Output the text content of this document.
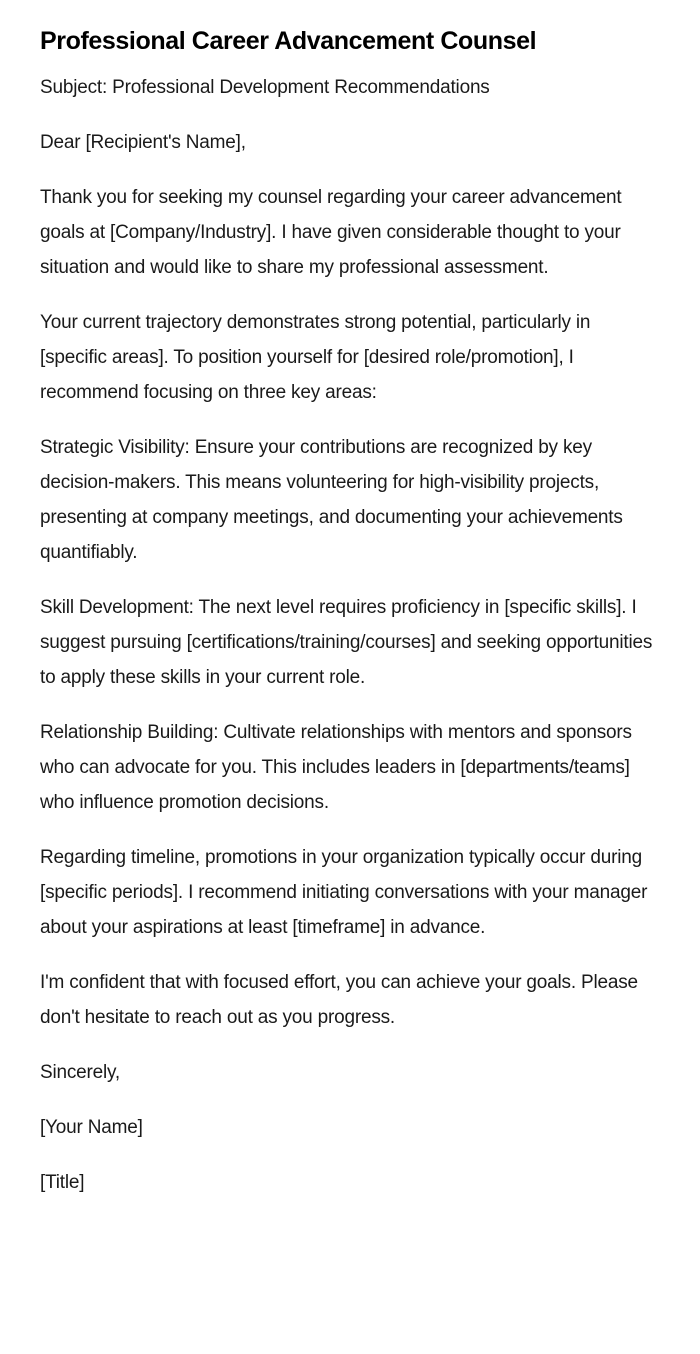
Professional Career Advancement Counsel

Subject: Professional Development Recommendations

Dear [Recipient's Name],

Thank you for seeking my counsel regarding your career advancement goals at [Company/Industry]. I have given considerable thought to your situation and would like to share my professional assessment.

Your current trajectory demonstrates strong potential, particularly in [specific areas]. To position yourself for [desired role/promotion], I recommend focusing on three key areas:

Strategic Visibility: Ensure your contributions are recognized by key decision-makers. This means volunteering for high-visibility projects, presenting at company meetings, and documenting your achievements quantifiably.

Skill Development: The next level requires proficiency in [specific skills]. I suggest pursuing [certifications/training/courses] and seeking opportunities to apply these skills in your current role.

Relationship Building: Cultivate relationships with mentors and sponsors who can advocate for you. This includes leaders in [departments/teams] who influence promotion decisions.

Regarding timeline, promotions in your organization typically occur during [specific periods]. I recommend initiating conversations with your manager about your aspirations at least [timeframe] in advance.

I'm confident that with focused effort, you can achieve your goals. Please don't hesitate to reach out as you progress.

Sincerely,

[Your Name]

[Title]
